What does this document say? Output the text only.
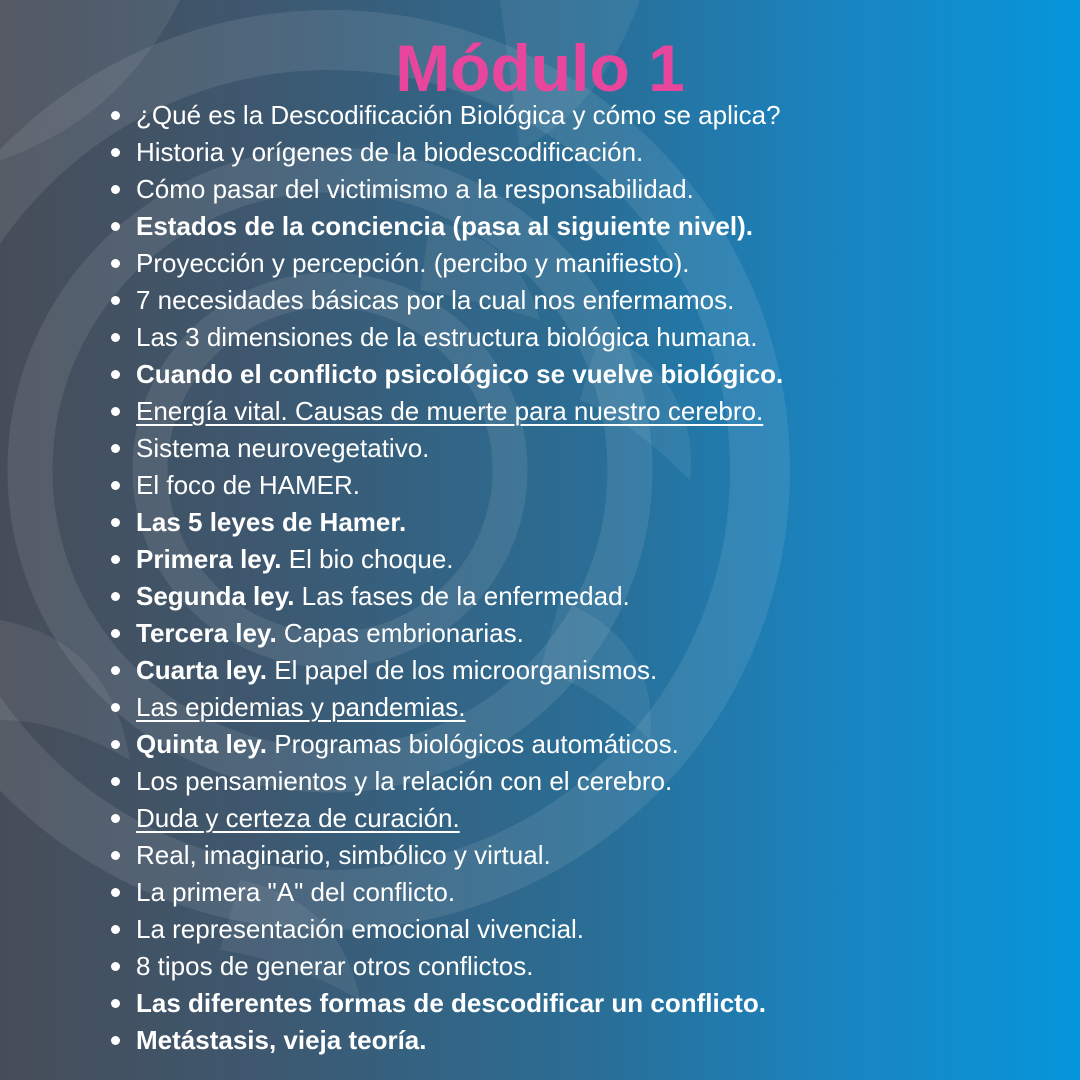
Módulo 1
¿Qué es la Descodificación Biológica y cómo se aplica?
Historia y orígenes de la biodescodificación.
Cómo pasar del victimismo a la responsabilidad.
Estados de la conciencia (pasa al siguiente nivel).
Proyección y percepción. (percibo y manifiesto).
7 necesidades básicas por la cual nos enfermamos.
Las 3 dimensiones de la estructura biológica humana.
Cuando el conflicto psicológico se vuelve biológico.
Energía vital. Causas de muerte para nuestro cerebro.
Sistema neurovegetativo.
El foco de HAMER.
Las 5 leyes de Hamer.
Primera ley. El bio choque.
Segunda ley. Las fases de la enfermedad.
Tercera ley. Capas embrionarias.
Cuarta ley. El papel de los microorganismos.
Las epidemias y pandemias.
Quinta ley. Programas biológicos automáticos.
Los pensamientos y la relación con el cerebro.
Duda y certeza de curación.
Real, imaginario, simbólico y virtual.
La primera "A" del conflicto.
La representación emocional vivencial.
8 tipos de generar otros conflictos.
Las diferentes formas de descodificar un conflicto.
Metástasis, vieja teoría.
